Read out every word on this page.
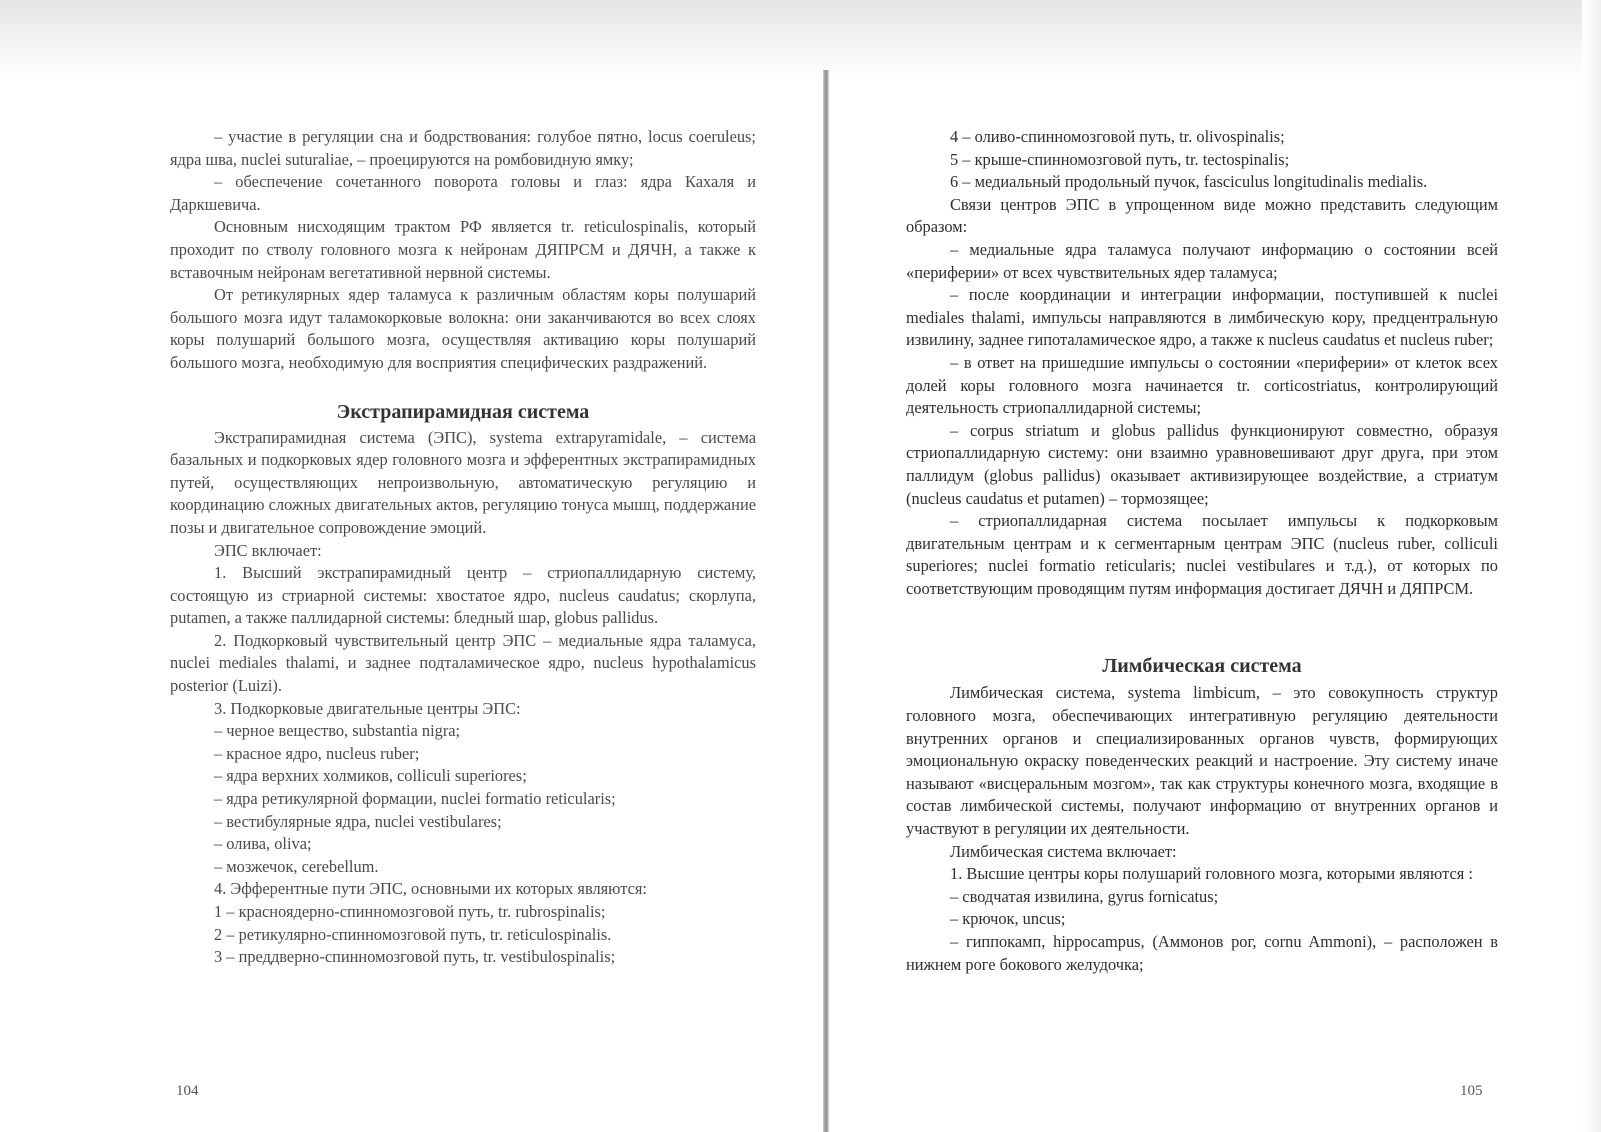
– участие в регуляции сна и бодрствования: голубое пятно, locus coeruleus; ядра шва, nuclei suturaliae, – проецируются на ромбовидную ямку;

– обеспечение сочетанного поворота головы и глаз: ядра Кахаля и Даркшевича.

Основным нисходящим трактом РФ является tr. reticulospinalis, который проходит по стволу головного мозга к нейронам ДЯПРСМ и ДЯЧН, а также к вставочным нейронам вегетативной нервной системы.

От ретикулярных ядер таламуса к различным областям коры полушарий большого мозга идут таламокорковые волокна: они заканчиваются во всех слоях коры полушарий большого мозга, осуществляя активацию коры полушарий большого мозга, необходимую для восприятия специфических раздражений.

Экстрапирамидная система

Экстрапирамидная система (ЭПС), systema extrapyramidale, – система базальных и подкорковых ядер головного мозга и эфферентных экстрапирамидных путей, осуществляющих непроизвольную, автоматическую регуляцию и координацию сложных двигательных актов, регуляцию тонуса мышц, поддержание позы и двигательное сопровождение эмоций.

ЭПС включает:

1. Высший экстрапирамидный центр – стриопаллидарную систему, состоящую из стриарной системы: хвостатое ядро, nucleus caudatus; скорлупа, putamen, а также паллидарной системы: бледный шар, globus pallidus.

2. Подкорковый чувствительный центр ЭПС – медиальные ядра таламуса, nuclei mediales thalami, и заднее подталамическое ядро, nucleus hypothalamicus posterior (Luizi).

3. Подкорковые двигательные центры ЭПС:

– черное вещество, substantia nigra;

– красное ядро, nucleus ruber;

– ядра верхних холмиков, colliculi superiores;

– ядра ретикулярной формации, nuclei formatio reticularis;

– вестибулярные ядра, nuclei vestibulares;

– олива, oliva;

– мозжечок, cerebellum.

4. Эфферентные пути ЭПС, основными их которых являются:

1 – красноядерно-спинномозговой путь, tr. rubrospinalis;

2 – ретикулярно-спинномозговой путь, tr. reticulospinalis.

3 – преддверно-спинномозговой путь, tr. vestibulospinalis;

104

4 – оливо-спинномозговой путь, tr. olivospinalis;

5 – крыше-спинномозговой путь, tr. tectospinalis;

6 – медиальный продольный пучок, fasciculus longitudinalis medialis.

Связи центров ЭПС в упрощенном виде можно представить следующим образом:

– медиальные ядра таламуса получают информацию о состоянии всей «периферии» от всех чувствительных ядер таламуса;

– после координации и интеграции информации, поступившей к nuclei mediales thalami, импульсы направляются в лимбическую кору, предцентральную извилину, заднее гипоталамическое ядро, а также к nucleus caudatus et nucleus ruber;

– в ответ на пришедшие импульсы о состоянии «периферии» от клеток всех долей коры головного мозга начинается tr. corticostriatus, контролирующий деятельность стриопаллидарной системы;

– corpus striatum и globus pallidus функционируют совместно, образуя стриопаллидарную систему: они взаимно уравновешивают друг друга, при этом паллидум (globus pallidus) оказывает активизирующее воздействие, а стриатум (nucleus caudatus et putamen) – тормозящее;

– стриопаллидарная система посылает импульсы к подкорковым двигательным центрам и к сегментарным центрам ЭПС (nucleus ruber, colliculi superiores; nuclei formatio reticularis; nuclei vestibulares и т.д.), от которых по соответствующим проводящим путям информация достигает ДЯЧН и ДЯПРСМ.

Лимбическая система

Лимбическая система, systema limbicum, – это совокупность структур головного мозга, обеспечивающих интегративную регуляцию деятельности внутренних органов и специализированных органов чувств, формирующих эмоциональную окраску поведенческих реакций и настроение. Эту систему иначе называют «висцеральным мозгом», так как структуры конечного мозга, входящие в состав лимбической системы, получают информацию от внутренних органов и участвуют в регуляции их деятельности.

Лимбическая система включает:

1. Высшие центры коры полушарий головного мозга, которыми являются :

– сводчатая извилина, gyrus fornicatus;

– крючок, uncus;

– гиппокамп, hippocampus, (Аммонов рог, cornu Ammoni), – расположен в нижнем роге бокового желудочка;

105
